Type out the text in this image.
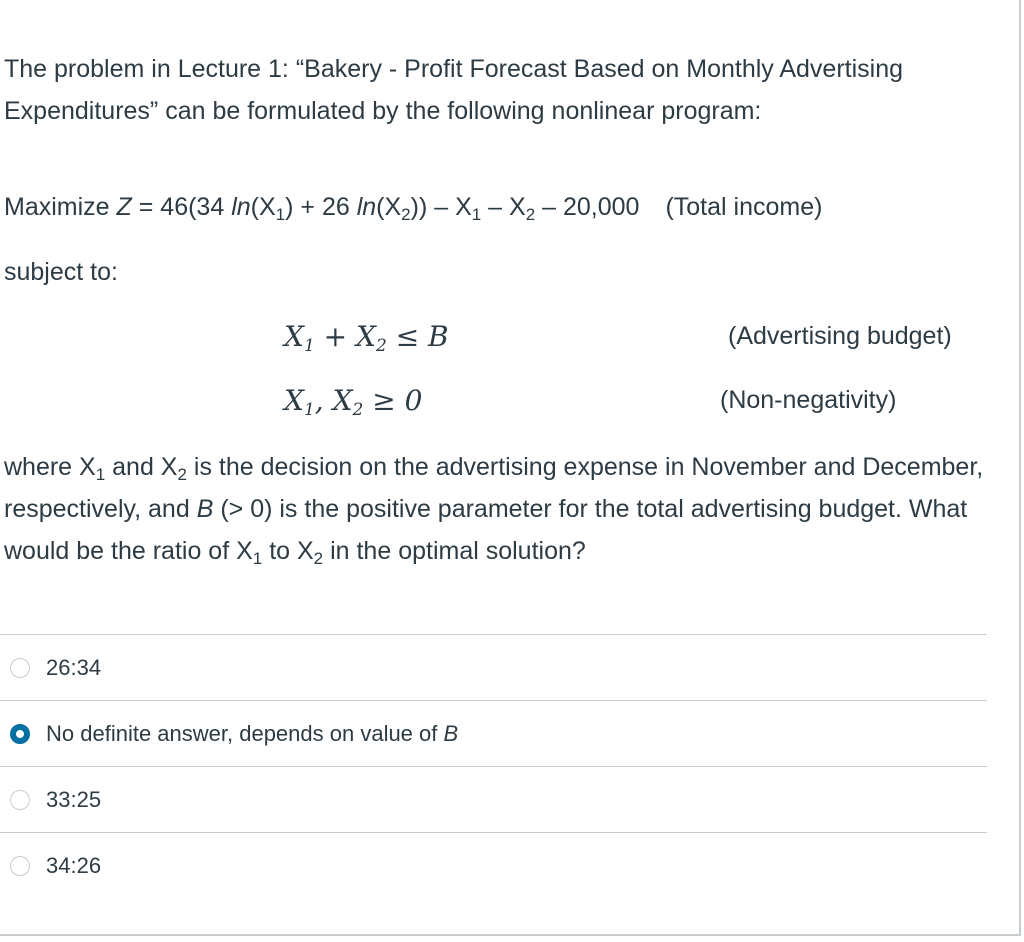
The problem in Lecture 1: “Bakery - Profit Forecast Based on Monthly Advertising Expenditures” can be formulated by the following nonlinear program:

Maximize Z = 46(34 $\ln(X_1) + 26$ $\ln(X_2)) - X_1 - X_2 - 20,000$ (Total income)
subject to:
$X_1 + X_2 \le B$	(Advertising budget)
$X_1$, $X_2 \ge 0$	(Non-negativity)

where $X_1$ and $X_2$ is the decision on the advertising expense in November and December, respectively, and B (> 0) is the positive parameter for the total advertising budget. What would be the ratio of $X_1$ to $X_2$ in the optimal solution?

26:34
No definite answer, depends on value of B
33:25
34:26
